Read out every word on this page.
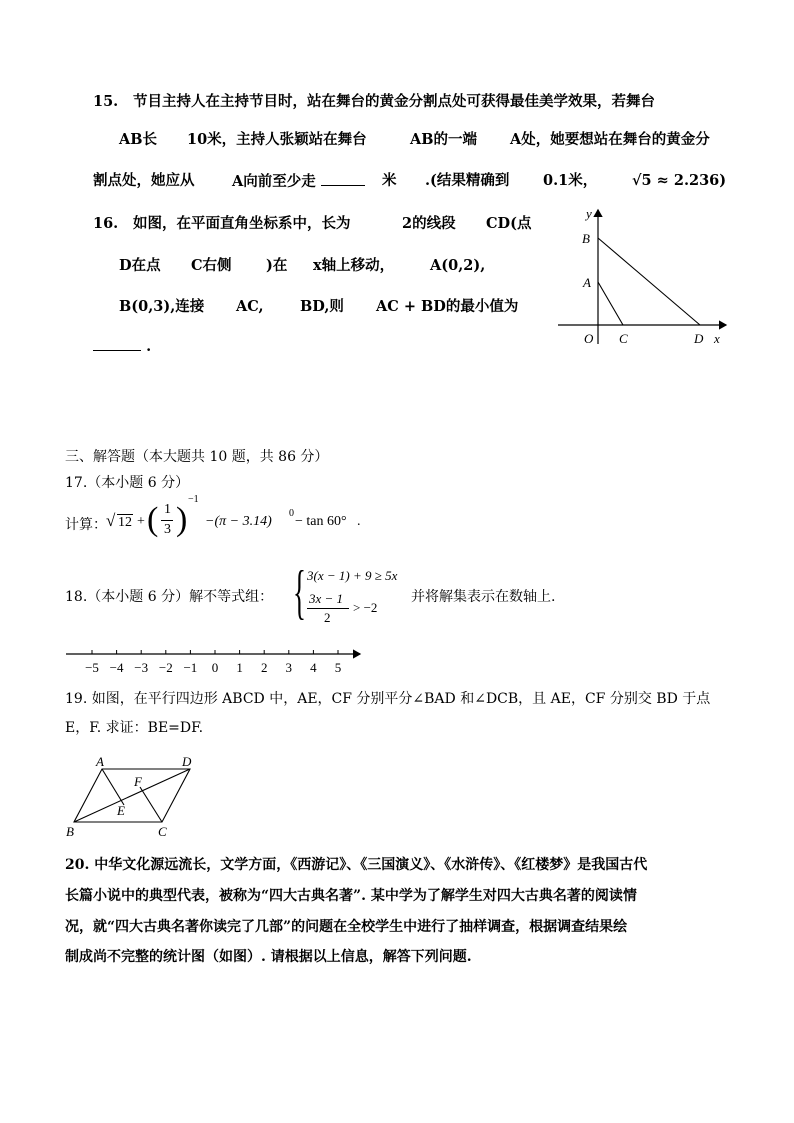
15. 节目主持人在主持节目时，站在舞台的黄金分割点处可获得最佳美学效果，若舞台
AB长 10米，主持人张颖站在舞台	AB的一端 A处，她要想站在舞台的黄金分
割点处，她应从	A向前至少走	米 .(结果精确到 0.1米， √5 ≈ 2.236)
16. 如图，在平面直角坐标系中，长为	2的线段 CD(点
D在点 C右侧 )在 x轴上移动， A(0,2),
B(0,3),连接 AC,	BD,则 AC + BD的最小值为
.
y
x
B
A
O C	D
三、解答题（本大题共 10 题，共 86 分）
17.（本小题 6 分）
计算： √ 12 + ( 1
3 )
−1
−(π − 3.14)
0
− tan 60° .
18.（本小题 6 分）解不等式组： { 3(x − 1) + 9 ≥ 5x
3x − 1
2
> −2
并将解集表示在数轴上.
−5 −4 −3 −2 −1 0 1 2 3 4 5
19. 如图，在平行四边形 ABCD 中，AE，CF 分别平分∠BAD 和∠DCB，且 AE，CF 分别交 BD 于点
E，F. 求证：BE=DF.
A	D
F
E
B	C
20. 中华文化源远流长，文学方面，《西游记》、《三国演义》、《水浒传》、《红楼梦》是我国古代
长篇小说中的典型代表，被称为“四大古典名著”. 某中学为了解学生对四大古典名著的阅读情
况，就“四大古典名著你读完了几部”的问题在全校学生中进行了抽样调查，根据调查结果绘
制成尚不完整的统计图（如图）. 请根据以上信息，解答下列问题.
